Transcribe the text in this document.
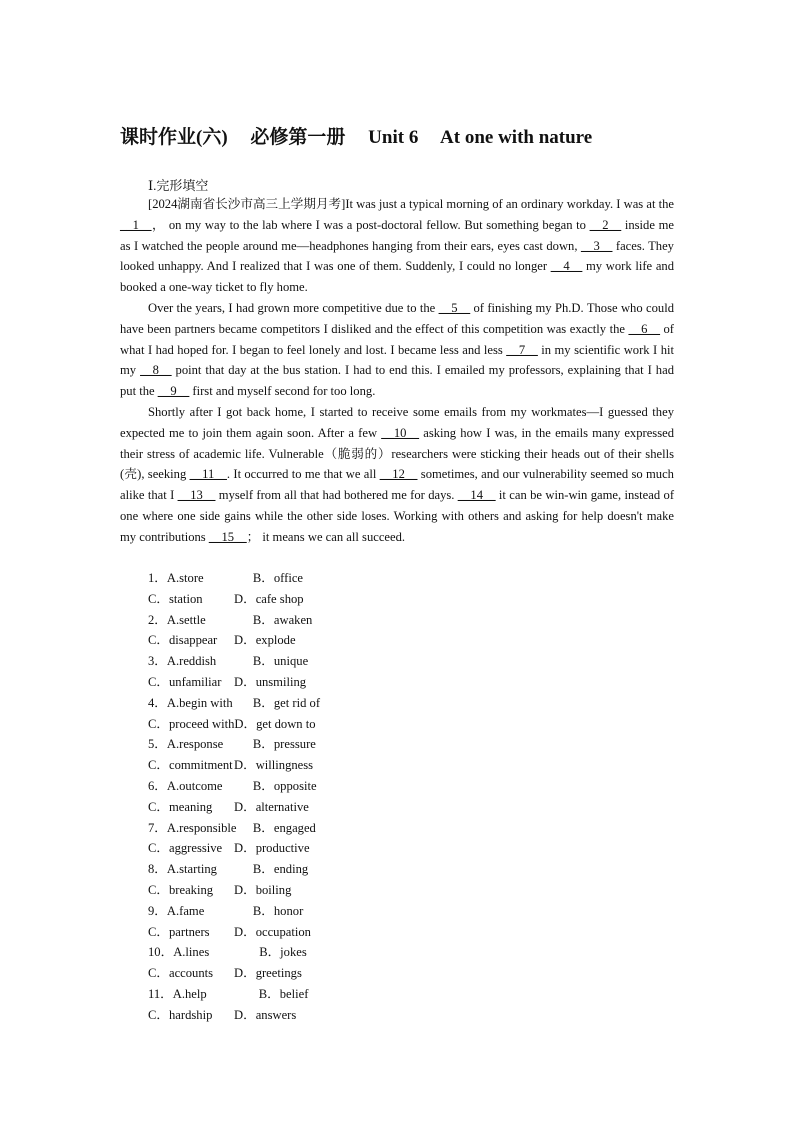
课时作业(六) 必修第一册 Unit 6 At one with nature
Ⅰ.完形填空

[2024湖南省长沙市高三上学期月考]It was just a typical morning of an ordinary workday. I was at the __1__， on my way to the lab where I was a post-doctoral fellow. But something began to __2__ inside me as I watched the people around me—headphones hanging from their ears, eyes cast down, __3__ faces. They looked unhappy. And I realized that I was one of them. Suddenly, I could no longer __4__ my work life and booked a one-way ticket to fly home.

Over the years, I had grown more competitive due to the __5__ of finishing my Ph.D. Those who could have been partners became competitors I disliked and the effect of this competition was exactly the __6__ of what I had hoped for. I began to feel lonely and lost. I became less and less __7__ in my scientific work I hit my __8__ point that day at the bus station. I had to end this. I emailed my professors, explaining that I had put the __9__ first and myself second for too long.

Shortly after I got back home, I started to receive some emails from my workmates—I guessed they expected me to join them again soon. After a few __10__ asking how I was, in the emails many expressed their stress of academic life. Vulnerable（脆弱的）researchers were sticking their heads out of their shells (壳), seeking __11__. It occurred to me that we all __12__ sometimes, and our vulnerability seemed so much alike that I __13__ myself from all that had bothered me for days. __14__ it can be win-win game, instead of one where one side gains while the other side loses. Working with others and asking for help doesn't make my contributions __15__； it means we can all succeed.

1．A.store	B．office
C．station D．cafe shop
2．A.settle	B．awaken
C．disappear D．explode
3．A.reddish	B．unique
C．unfamiliar D．unsmiling
4．A.begin with B．get rid of
C．proceed withD．get down to
5．A.response B．pressure
C．commitmentD．willingness
6．A.outcome B．opposite
C．meaning D．alternative
7．A.responsible B．engaged
C．aggressive D．productive
8．A.starting	B．ending
C．breaking D．boiling
9．A.fame	B．honor
C．partners D．occupation
10．A.lines	B．jokes
C．accounts D．greetings
11．A.help	B．belief
C．hardship D．answers
